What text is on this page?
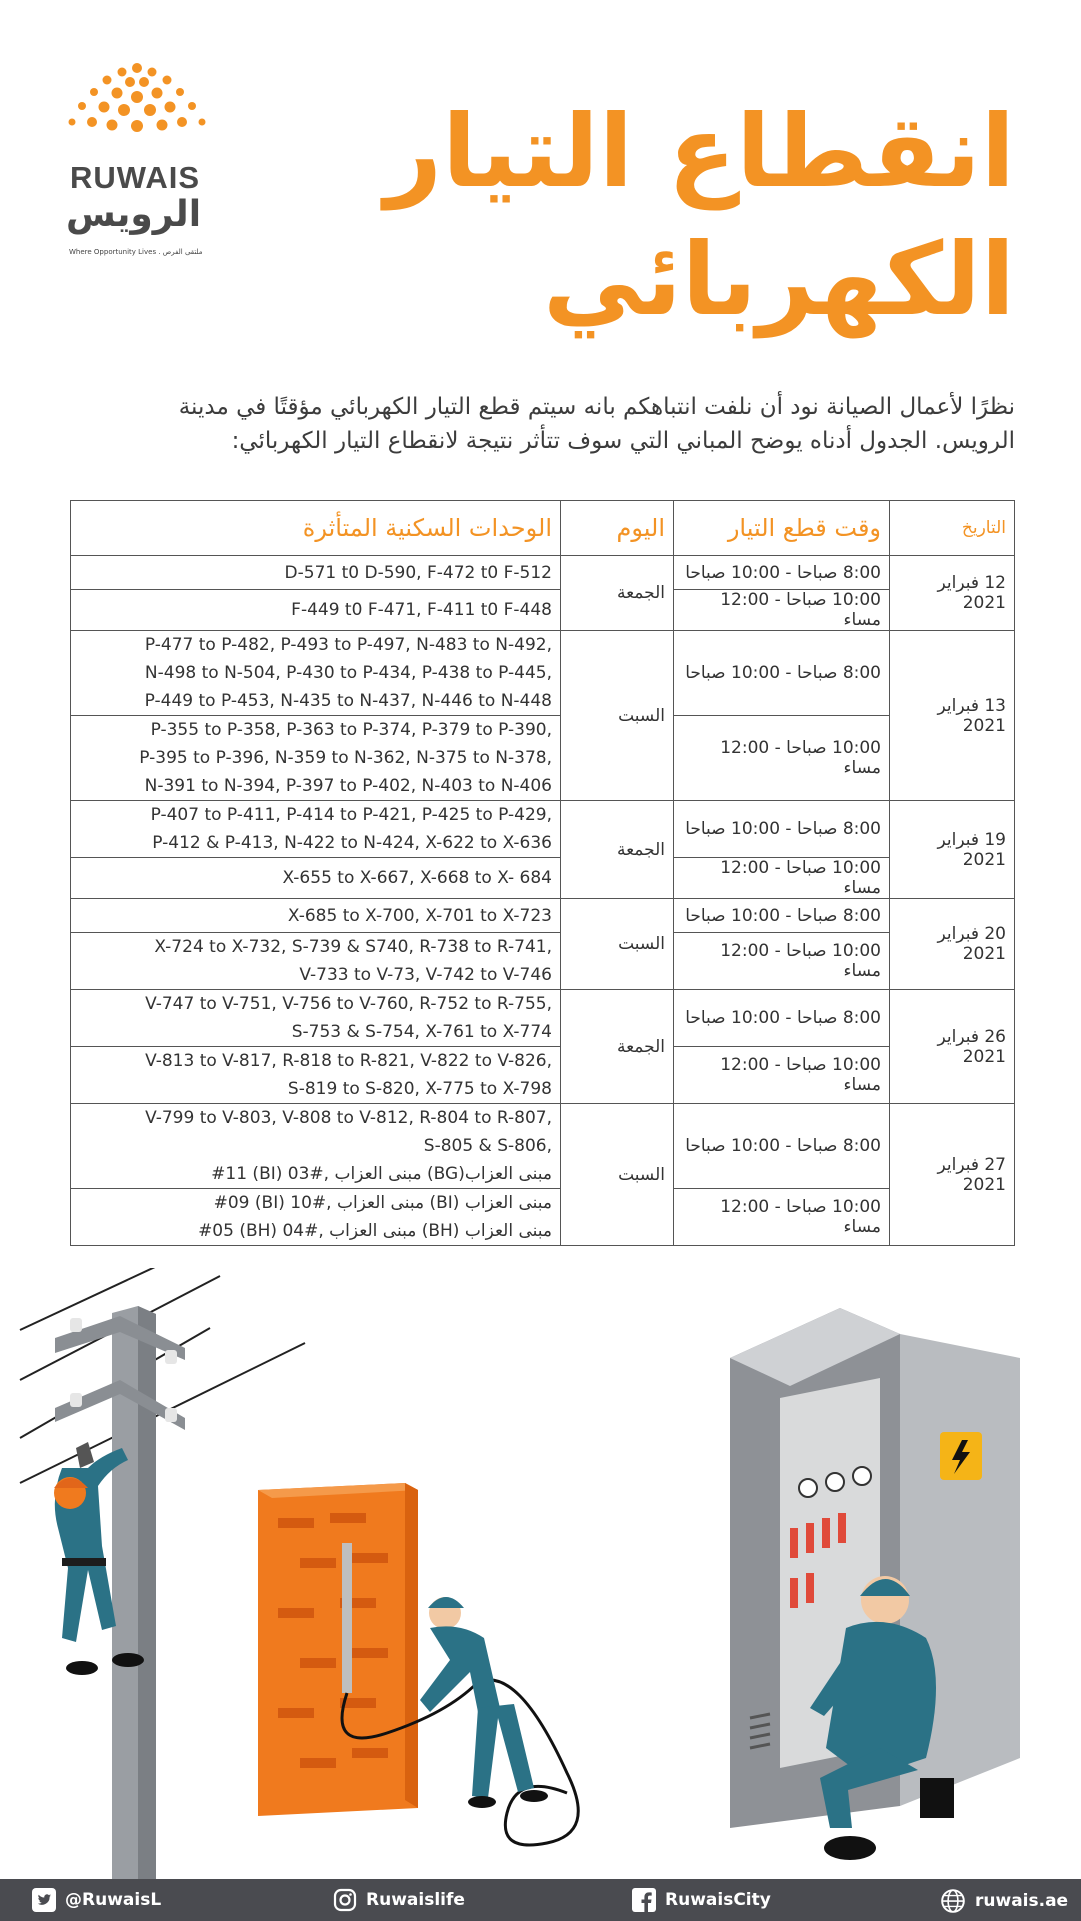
RUWAIS
الرويس
Where Opportunity Lives . ملتقى الفرص
انقطاع التيار
الكهربائي
نظرًا لأعمال الصيانة نود أن نلفت انتباهكم بانه سيتم قطع التيار الكهربائي مؤقتًا في مدينة
الرويس. الجدول أدناه يوضح المباني التي سوف تتأثر نتيجة لانقطاع التيار الكهربائي:
التاريخ	وقت قطع التيار	اليوم	الوحدات السكنية المتأثرة
12 فبراير 2021	8:00 صباحا - 10:00 صباحا	الجمعة	D-571 t0 D-590, F-472 t0 F-512

	10:00 صباحا - 12:00 مساء		F-449 t0 F-471, F-411 t0 F-448

13 فبراير 2021	8:00 صباحا - 10:00 صباحا	السبت	P-477 to P-482, P-493 to P-497, N-483 to N-492,
N-498 to N-504, P-430 to P-434, P-438 to P-445,
P-449 to P-453, N-435 to N-437, N-446 to N-448

	10:00 صباحا - 12:00 مساء		P-355 to P-358, P-363 to P-374, P-379 to P-390,
P-395 to P-396, N-359 to N-362, N-375 to N-378,
N-391 to N-394, P-397 to P-402, N-403 to N-406

19 فبراير 2021	8:00 صباحا - 10:00 صباحا	الجمعة	P-407 to P-411, P-414 to P-421, P-425 to P-429,
P-412 & P-413, N-422 to N-424, X-622 to X-636

	10:00 صباحا - 12:00 مساء		X-655 to X-667, X-668 to X- 684

20 فبراير 2021	8:00 صباحا - 10:00 صباحا	السبت	X-685 to X-700, X-701 to X-723

	10:00 صباحا - 12:00 مساء		X-724 to X-732, S-739 & S740, R-738 to R-741,
V-733 to V-73, V-742 to V-746

26 فبراير 2021	8:00 صباحا - 10:00 صباحا	الجمعة	V-747 to V-751, V-756 to V-760, R-752 to R-755,
S-753 & S-754, X-761 to X-774

	10:00 صباحا - 12:00 مساء		V-813 to V-817, R-818 to R-821, V-822 to V-826,
S-819 to S-820, X-775 to X-798

27 فبراير 2021	8:00 صباحا - 10:00 صباحا	السبت	V-799 to V-803, V-808 to V-812, R-804 to R-807,
S-805 & S-806,
#11 (BI) مبنى العزاب ,#03 (BG)مبنى العزاب

	10:00 صباحا - 12:00 مساء		#09 (BI) مبنى العزاب ,#10 (BI) مبنى العزاب
#05 (BH) مبنى العزاب ,#04 (BH) مبنى العزاب
@RuwaisL	Ruwaislife	RuwaisCity	ruwais.ae
